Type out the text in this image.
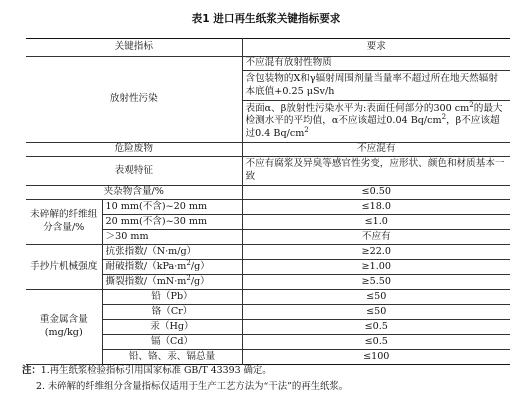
表1 进口再生纸浆关键指标要求
关键指标		要求
放射性污染		不应混有放射性物质
		含包装物的X和γ辐射周围剂量当量率不超过所在地天然辐射本底值+0.25 μSv/h
		表面α、β放射性污染水平为:表面任何部分的300 $cm^2$的最大检测水平的平均值，α不应该超过0.04 $Bq/cm^2$，β不应该超过0.4 $Bq/cm^2$
危险废物		不应混有
表观特征		不应有腐浆及异臭等感官性劣变，应形状、颜色和材质基本一致
夹杂物含量/%		≤0.50
未碎解的纤维组分含量/%	10 mm(不含)~20 mm	≤18.0
	20 mm(不含)~30 mm	≤1.0
	＞30 mm	不应有
手抄片机械强度	抗张指数/（N·m/g）	≥22.0
	耐破指数$/(kPa\cdot m^2/g)$	≥1.00
	撕裂指数$/(mN\cdot m^2/g)$	≥5.50
重金属含量(mg/kg)	铅（Pb）	≤50
	铬（Cr）	≤50
	汞（Hg）	≤0.5
	镉（Cd）	≤0.5
	铅、铬、汞、镉总量	≤100
注：1.再生纸浆检验指标引用国家标准 GB/T 43393 确定。
2. 未碎解的纤维组分含量指标仅适用于生产工艺方法为“干法”的再生纸浆。
